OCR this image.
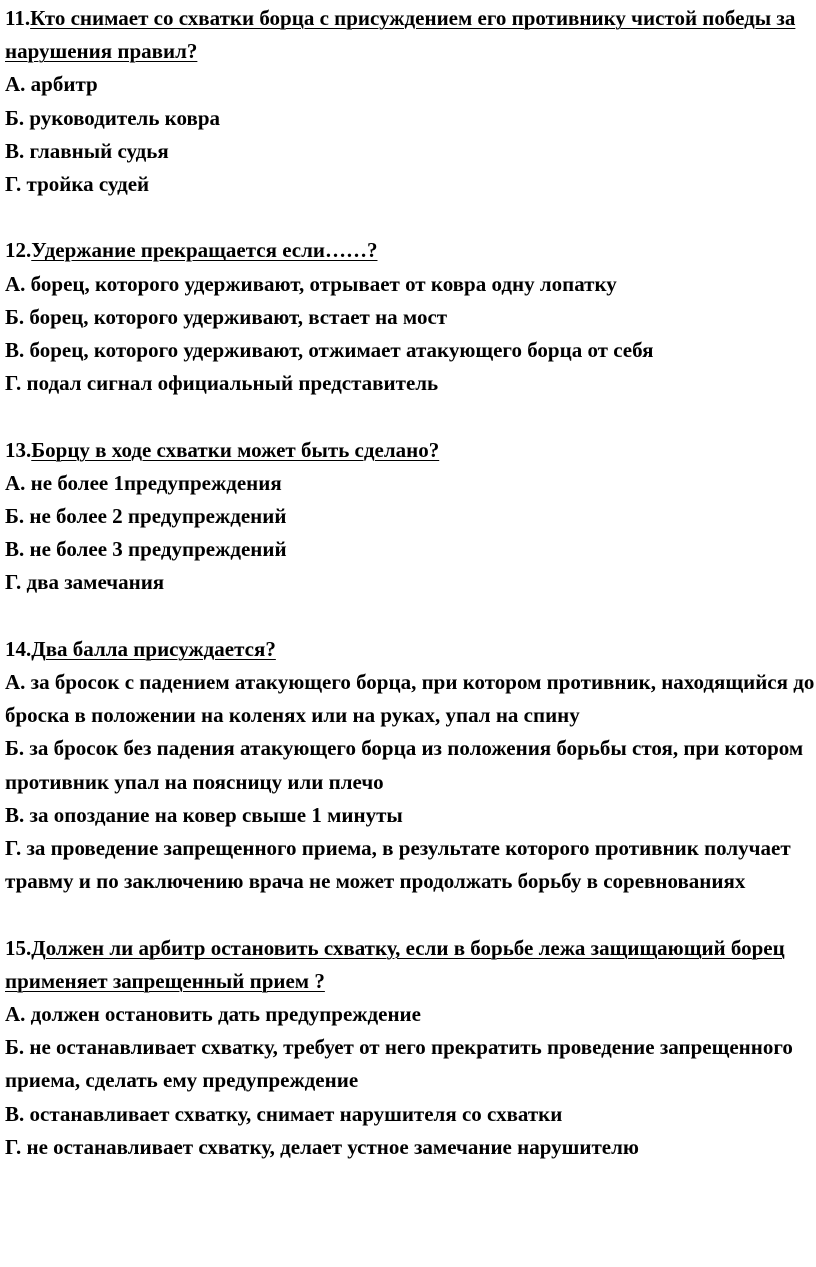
11.Кто снимает со схватки борца с присуждением его противнику чистой победы за нарушения правил?

А. арбитр

Б. руководитель ковра

В. главный судья

Г. тройка судей

12.Удержание прекращается если……?

А. борец, которого удерживают, отрывает от ковра одну лопатку

Б. борец, которого удерживают, встает на мост

В. борец, которого удерживают, отжимает атакующего борца от себя

Г. подал сигнал официальный представитель

13.Борцу в ходе схватки может быть сделано?

А. не более 1предупреждения

Б. не более 2 предупреждений

В. не более 3 предупреждений

Г. два замечания

14.Два балла присуждается?

А. за бросок с падением атакующего борца, при котором противник, находящийся до броска в положении на коленях или на руках, упал на спину

Б. за бросок без падения атакующего борца из положения борьбы стоя, при котором противник упал на поясницу или плечо

В. за опоздание на ковер свыше 1 минуты

Г. за проведение запрещенного приема, в результате которого противник получает травму и по заключению врача не может продолжать борьбу в соревнованиях

15.Должен ли арбитр остановить схватку, если в борьбе лежа защищающий борец применяет запрещенный прием ?

А. должен остановить дать предупреждение

Б. не останавливает схватку, требует от него прекратить проведение запрещенного приема, сделать ему предупреждение

В. останавливает схватку, снимает нарушителя со схватки

Г. не останавливает схватку, делает устное замечание нарушителю
